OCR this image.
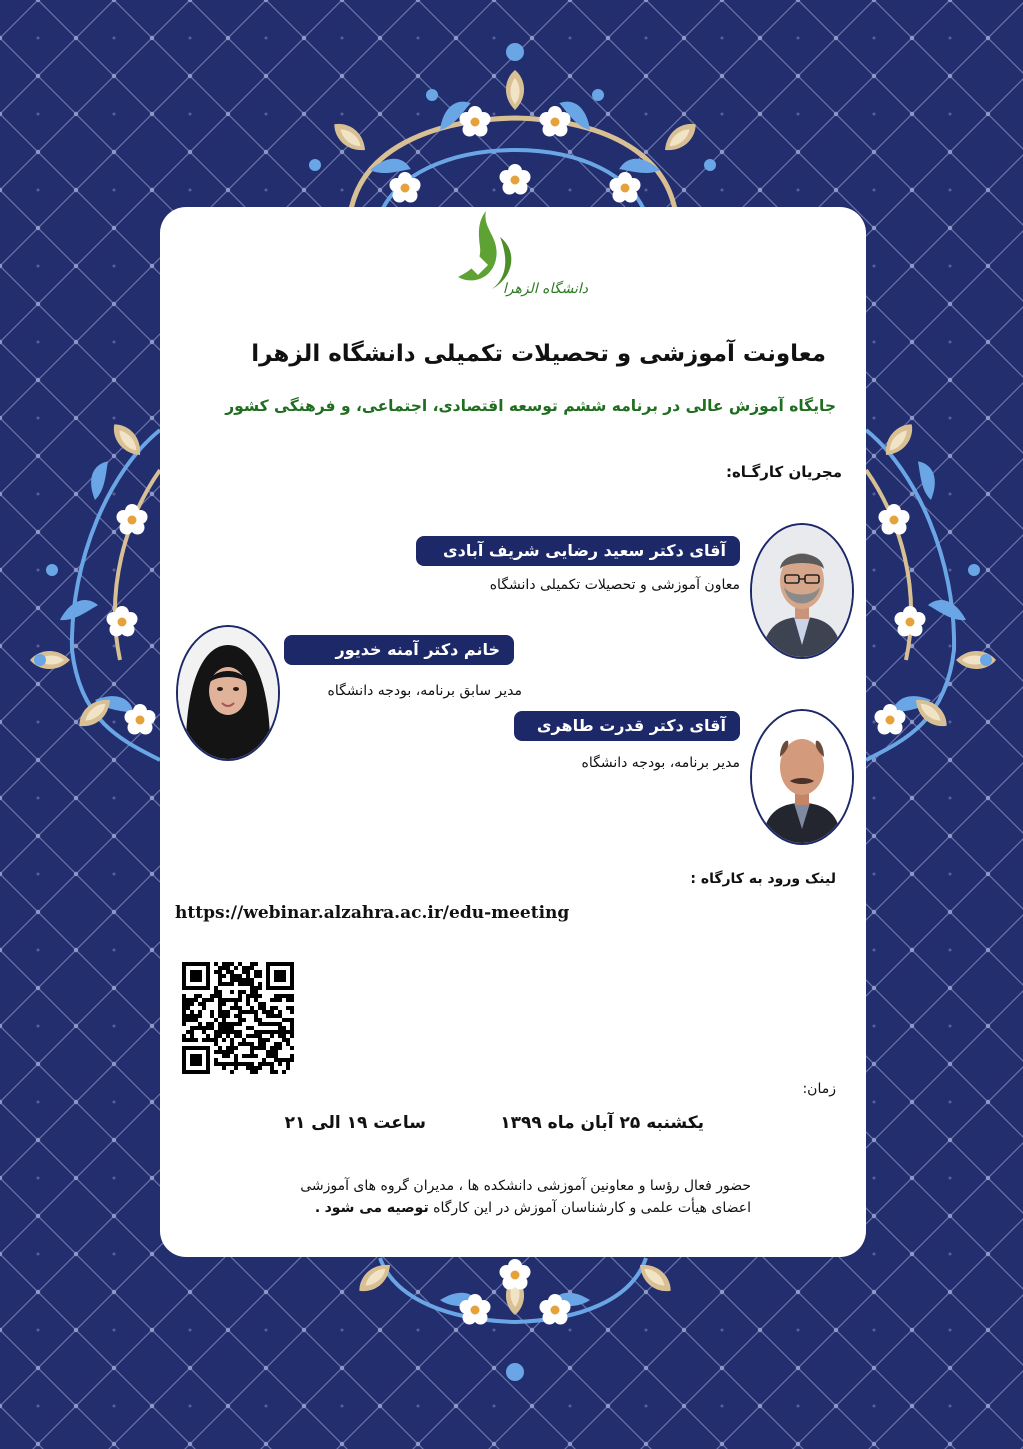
دانشگاه الزهرا
معاونت آموزشی و تحصیلات تکمیلی دانشگاه الزهرا
جایگاه آموزش عالی در برنامه ششم توسعه اقتصادی، اجتماعی، و فرهنگی کشور
مجریان کارگـاه:
آقای دکتر سعید رضایی شریف آبادی
معاون آموزشی و تحصیلات تکمیلی دانشگاه
خانم دکتر آمنه خدیور
مدیر سابق برنامه، بودجه دانشگاه
آقای دکتر قدرت طاهری
مدیر برنامه، بودجه دانشگاه
لینک ورود به کارگاه :
https://webinar.alzahra.ac.ir/edu-meeting
زمان:
یکشنبه ۲۵ آبان ماه ۱۳۹۹
ساعت ۱۹ الی ۲۱
حضور فعال رؤسا و معاونین آموزشی دانشکده ها ، مدیران گروه های آموزشی
اعضای هیأت علمی و کارشناسان آموزش در این کارگاه توصیه می شود .
